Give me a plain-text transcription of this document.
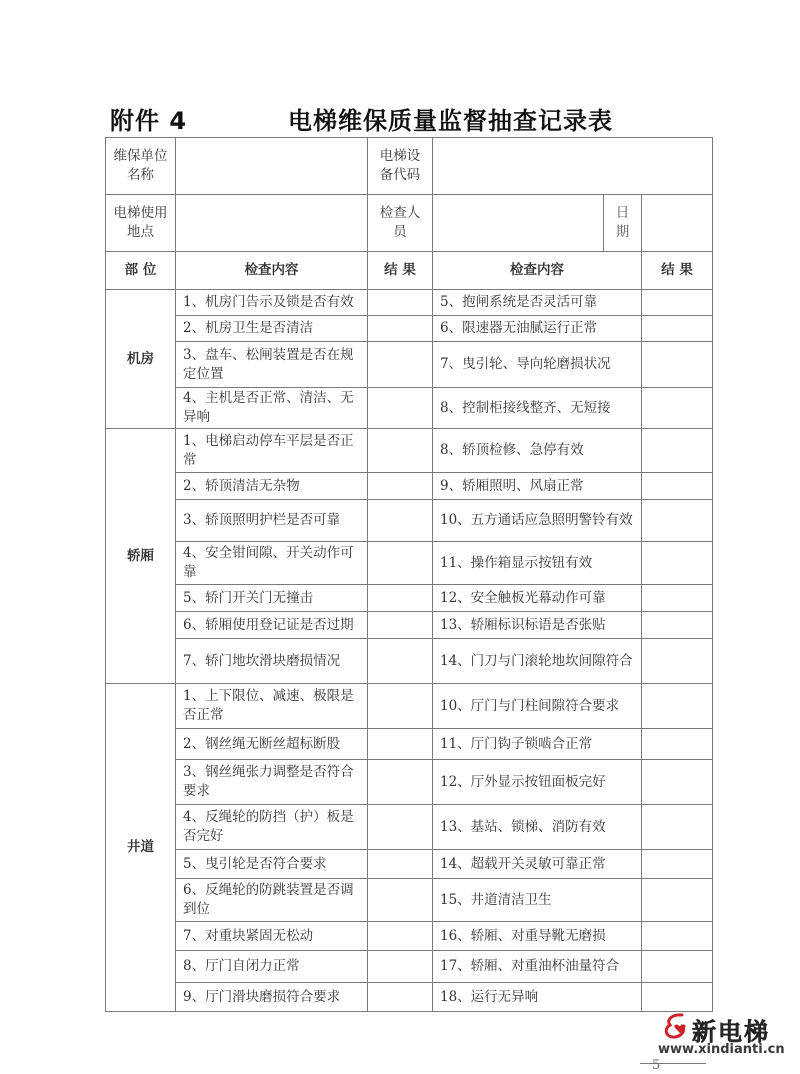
附件 4	电梯维保质量监督抽查记录表
维保单位名称		电梯设备代码			
电梯使用地点		检查人员		日期	
部 位	检查内容	结 果	检查内容		结 果
机房	1、机房门告示及锁是否有效		5、抱闸系统是否灵活可靠		
	2、机房卫生是否清洁		6、限速器无油腻运行正常		
	3、盘车、松闸装置是否在规定位置		7、曳引轮、导向轮磨损状况		
	4、主机是否正常、清洁、无异响		8、控制柜接线整齐、无短接		
轿厢	1、电梯启动停车平层是否正常		8、轿顶检修、急停有效		
	2、轿顶清洁无杂物		9、轿厢照明、风扇正常		
	3、轿顶照明护栏是否可靠		10、五方通话应急照明警铃有效		
	4、安全钳间隙、开关动作可靠		11、操作箱显示按钮有效		
	5、轿门开关门无撞击		12、安全触板光幕动作可靠		
	6、轿厢使用登记证是否过期		13、轿厢标识标语是否张贴		
	7、轿门地坎滑块磨损情况		14、门刀与门滚轮地坎间隙符合		
井道	1、上下限位、减速、极限是否正常		10、厅门与门柱间隙符合要求		
	2、钢丝绳无断丝超标断股		11、厅门钩子锁啮合正常		
	3、钢丝绳张力调整是否符合要求		12、厅外显示按钮面板完好		
	4、反绳轮的防挡（护）板是否完好		13、基站、锁梯、消防有效		
	5、曳引轮是否符合要求		14、超载开关灵敏可靠正常		
	6、反绳轮的防跳装置是否调到位		15、井道清洁卫生		
	7、对重块紧固无松动		16、轿厢、对重导靴无磨损		
	8、厅门自闭力正常		17、轿厢、对重油杯油量符合		
	9、厅门滑块磨损符合要求		18、运行无异响		
5
新电梯
www.xindianti.cn
